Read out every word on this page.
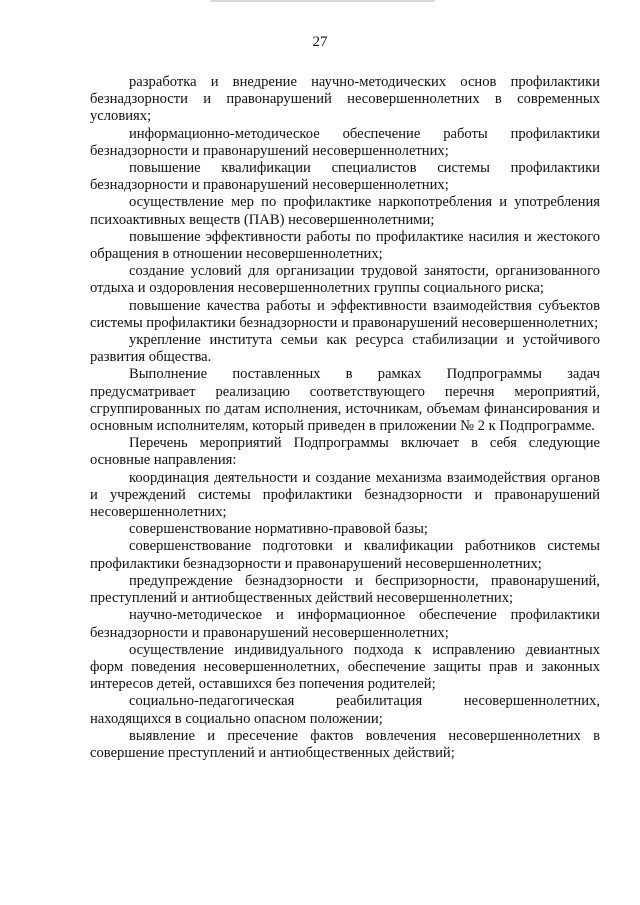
27

разработка и внедрение научно-методических основ профилактики безнадзорности и правонарушений несовершеннолетних в современных условиях;

информационно-методическое обеспечение работы профилактики безнадзорности и правонарушений несовершеннолетних;

повышение квалификации специалистов системы профилактики безнадзорности и правонарушений несовершеннолетних;

осуществление мер по профилактике наркопотребления и употребления психоактивных веществ (ПАВ) несовершеннолетними;

повышение эффективности работы по профилактике насилия и жестокого обращения в отношении несовершеннолетних;

создание условий для организации трудовой занятости, организованного отдыха и оздоровления несовершеннолетних группы социального риска;

повышение качества работы и эффективности взаимодействия субъектов системы профилактики безнадзорности и правонарушений несовершеннолетних;

укрепление института семьи как ресурса стабилизации и устойчивого развития общества.

Выполнение поставленных в рамках Подпрограммы задач предусматривает реализацию соответствующего перечня мероприятий, сгруппированных по датам исполнения, источникам, объемам финансирования и основным исполнителям, который приведен в приложении № 2 к Подпрограмме.

Перечень мероприятий Подпрограммы включает в себя следующие основные направления:

координация деятельности и создание механизма взаимодействия органов и учреждений системы профилактики безнадзорности и правонарушений несовершеннолетних;

совершенствование нормативно-правовой базы;

совершенствование подготовки и квалификации работников системы профилактики безнадзорности и правонарушений несовершеннолетних;

предупреждение безнадзорности и беспризорности, правонарушений, преступлений и антиобщественных действий несовершеннолетних;

научно-методическое и информационное обеспечение профилактики безнадзорности и правонарушений несовершеннолетних;

осуществление индивидуального подхода к исправлению девиантных форм поведения несовершеннолетних, обеспечение защиты прав и законных интересов детей, оставшихся без попечения родителей;

социально-педагогическая реабилитация несовершеннолетних, находящихся в социально опасном положении;

выявление и пресечение фактов вовлечения несовершеннолетних в совершение преступлений и антиобщественных действий;
